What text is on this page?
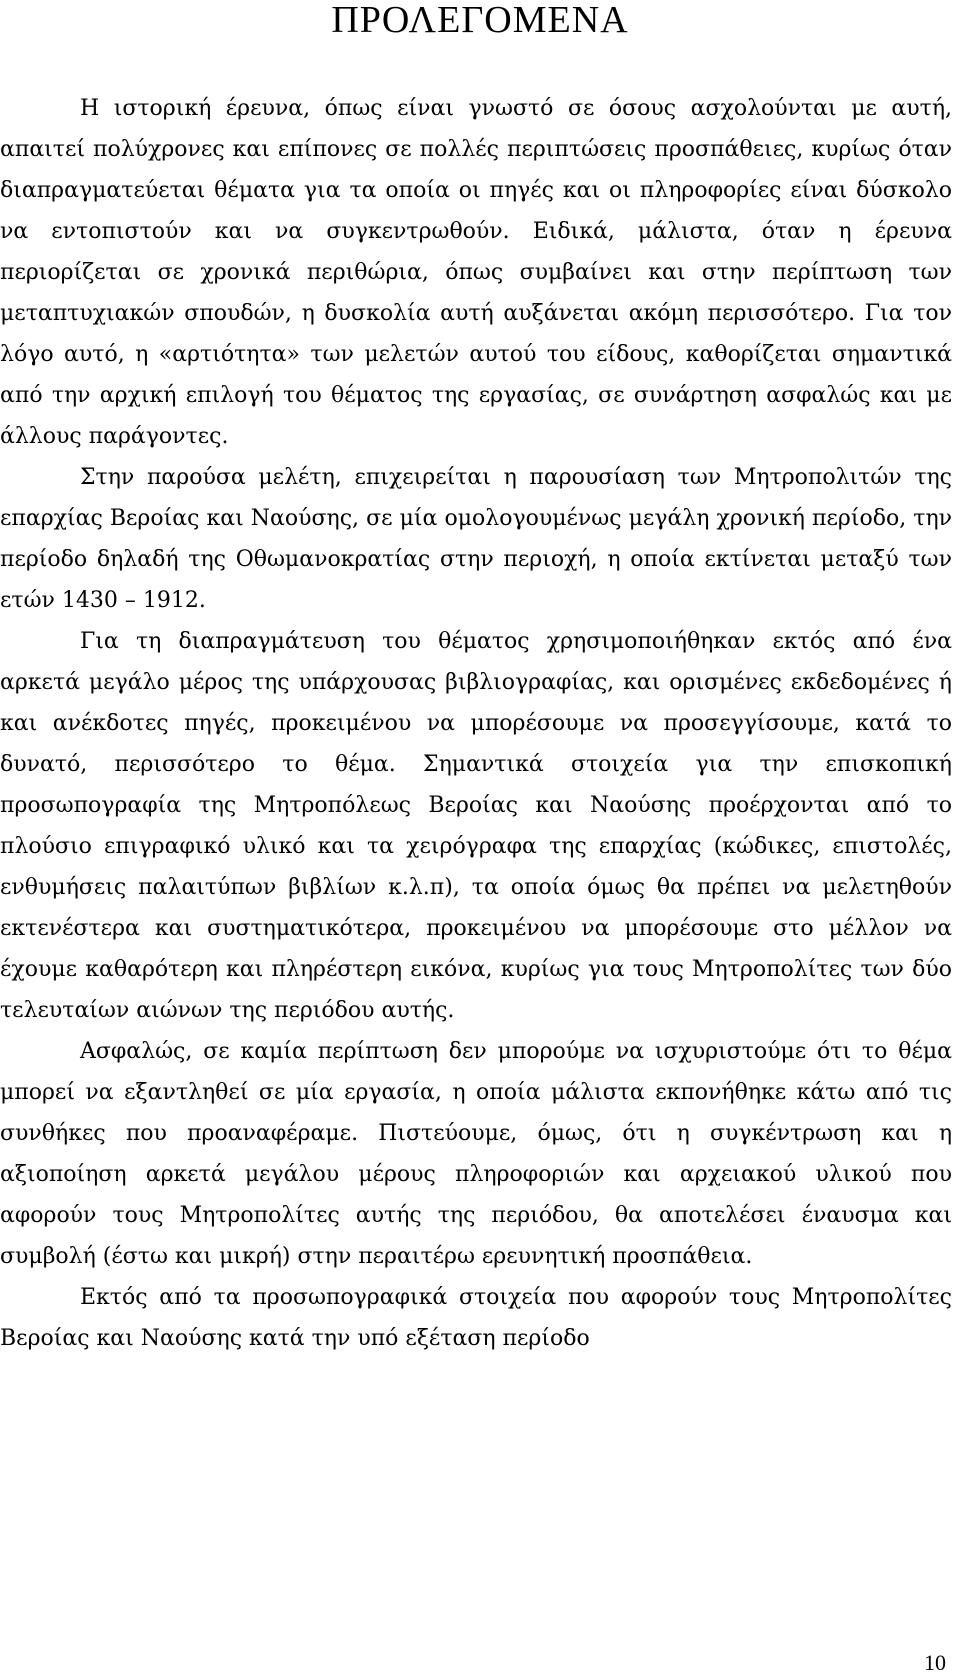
ΠΡΟΛΕΓΟΜΕΝΑ

Η ιστορική έρευνα, όπως είναι γνωστό σε όσους ασχολούνται με αυτή, απαιτεί πολύχρονες και επίπονες σε πολλές περιπτώσεις προσπάθειες, κυρίως όταν διαπραγματεύεται θέματα για τα οποία οι πηγές και οι πληροφορίες είναι δύσκολο να εντοπιστούν και να συγκεντρωθούν. Ειδικά, μάλιστα, όταν η έρευνα περιορίζεται σε χρονικά περιθώρια, όπως συμβαίνει και στην περίπτωση των μεταπτυχιακών σπουδών, η δυσκολία αυτή αυξάνεται ακόμη περισσότερο. Για τον λόγο αυτό, η «αρτιότητα» των μελετών αυτού του είδους, καθορίζεται σημαντικά από την αρχική επιλογή του θέματος της εργασίας, σε συνάρτηση ασφαλώς και με άλλους παράγοντες.

Στην παρούσα μελέτη, επιχειρείται η παρουσίαση των Μητροπολιτών της επαρχίας Βεροίας και Ναούσης, σε μία ομολογουμένως μεγάλη χρονική περίοδο, την περίοδο δηλαδή της Οθωμανοκρατίας στην περιοχή, η οποία εκτίνεται μεταξύ των ετών 1430 – 1912.

Για τη διαπραγμάτευση του θέματος χρησιμοποιήθηκαν εκτός από ένα αρκετά μεγάλο μέρος της υπάρχουσας βιβλιογραφίας, και ορισμένες εκδεδομένες ή και ανέκδοτες πηγές, προκειμένου να μπορέσουμε να προσεγγίσουμε, κατά το δυνατό, περισσότερο το θέμα. Σημαντικά στοιχεία για την επισκοπική προσωπογραφία της Μητροπόλεως Βεροίας και Ναούσης προέρχονται από το πλούσιο επιγραφικό υλικό και τα χειρόγραφα της επαρχίας (κώδικες, επιστολές, ενθυμήσεις παλαιτύπων βιβλίων κ.λ.π), τα οποία όμως θα πρέπει να μελετηθούν εκτενέστερα και συστηματικότερα, προκειμένου να μπορέσουμε στο μέλλον να έχουμε καθαρότερη και πληρέστερη εικόνα, κυρίως για τους Μητροπολίτες των δύο τελευταίων αιώνων της περιόδου αυτής.

Ασφαλώς, σε καμία περίπτωση δεν μπορούμε να ισχυριστούμε ότι το θέμα μπορεί να εξαντληθεί σε μία εργασία, η οποία μάλιστα εκπονήθηκε κάτω από τις συνθήκες που προαναφέραμε. Πιστεύουμε, όμως, ότι η συγκέντρωση και η αξιοποίηση αρκετά μεγάλου μέρους πληροφοριών και αρχειακού υλικού που αφορούν τους Μητροπολίτες αυτής της περιόδου, θα αποτελέσει έναυσμα και συμβολή (έστω και μικρή) στην περαιτέρω ερευνητική προσπάθεια.

Εκτός από τα προσωπογραφικά στοιχεία που αφορούν τους Μητροπολίτες Βεροίας και Ναούσης κατά την υπό εξέταση περίοδο

10
